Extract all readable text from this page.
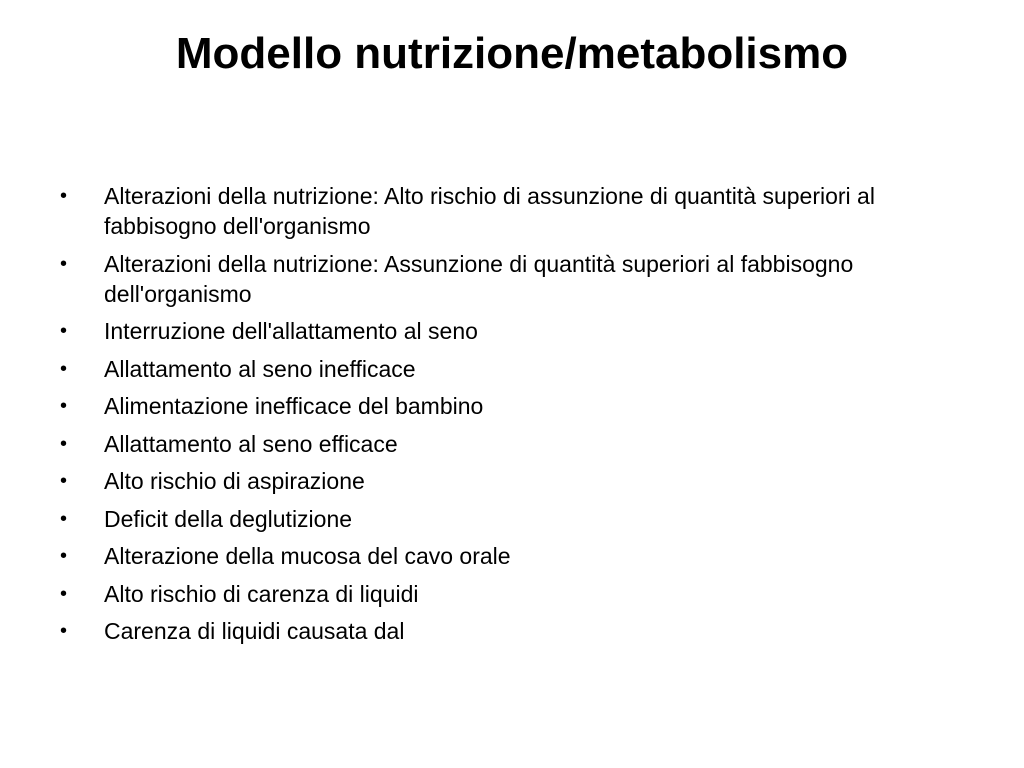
Modello nutrizione/metabolismo
•	Alterazioni della nutrizione: Alto rischio di assunzione di quantità superiori al fabbisogno dell'organismo
•	Alterazioni della nutrizione: Assunzione di quantità superiori al fabbisogno dell'organismo
•	Interruzione dell'allattamento al seno
•	Allattamento al seno inefficace
•	Alimentazione inefficace del bambino
•	Allattamento al seno efficace
•	Alto rischio di aspirazione
•	Deficit della deglutizione
•	Alterazione della mucosa del cavo orale
•	Alto rischio di carenza di liquidi
•	Carenza di liquidi causata dal
